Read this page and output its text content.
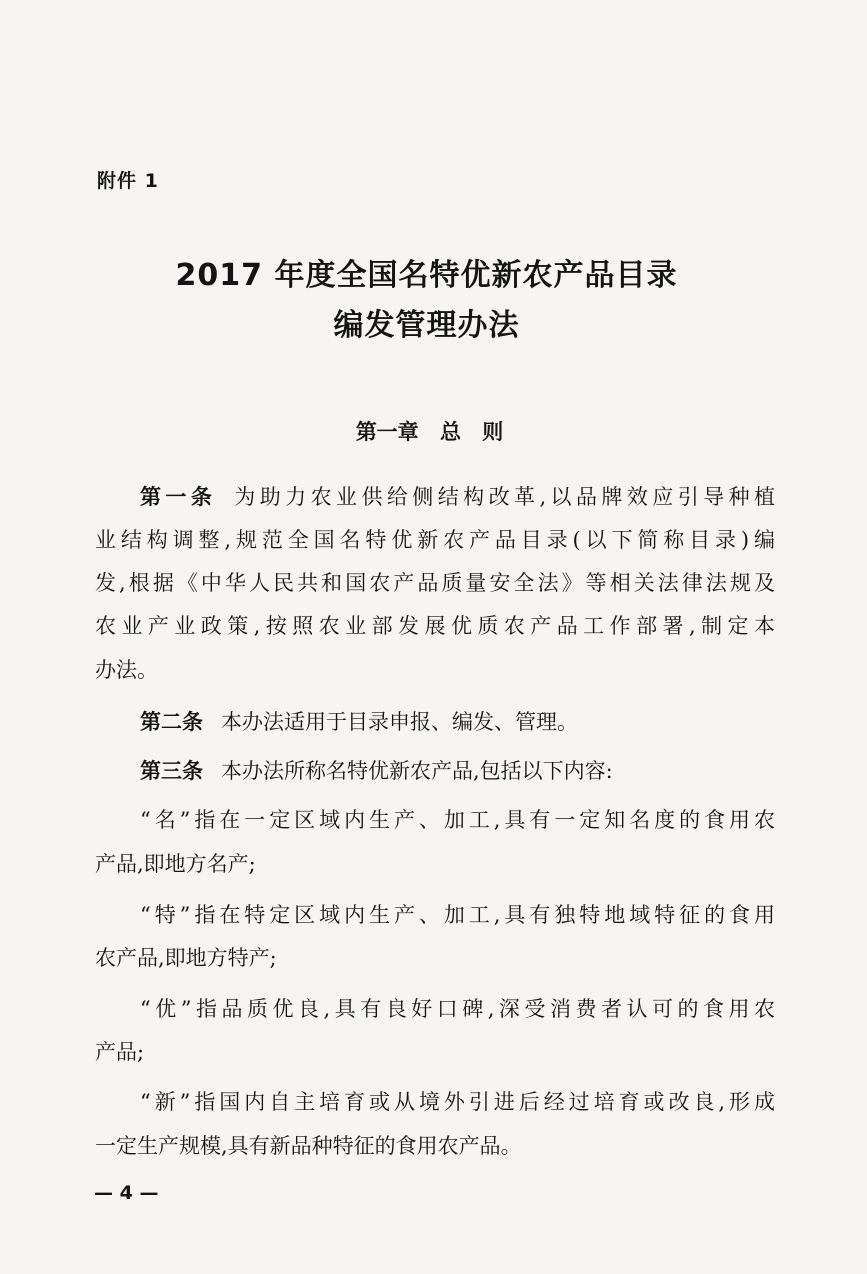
附件 1
2017 年度全国名特优新农产品目录
编发管理办法
第一章 总 则
第一条 为助力农业供给侧结构改革,以品牌效应引导种植
业结构调整,规范全国名特优新农产品目录(以下简称目录)编
发,根据《中华人民共和国农产品质量安全法》等相关法律法规及
农业产业政策,按照农业部发展优质农产品工作部署,制定本
办法。
第二条 本办法适用于目录申报、编发、管理。
第三条 本办法所称名特优新农产品,包括以下内容:
“名”指在一定区域内生产、加工,具有一定知名度的食用农
产品,即地方名产;
“特”指在特定区域内生产、加工,具有独特地域特征的食用
农产品,即地方特产;
“优”指品质优良,具有良好口碑,深受消费者认可的食用农
产品;
“新”指国内自主培育或从境外引进后经过培育或改良,形成
一定生产规模,具有新品种特征的食用农产品。
— 4 —
